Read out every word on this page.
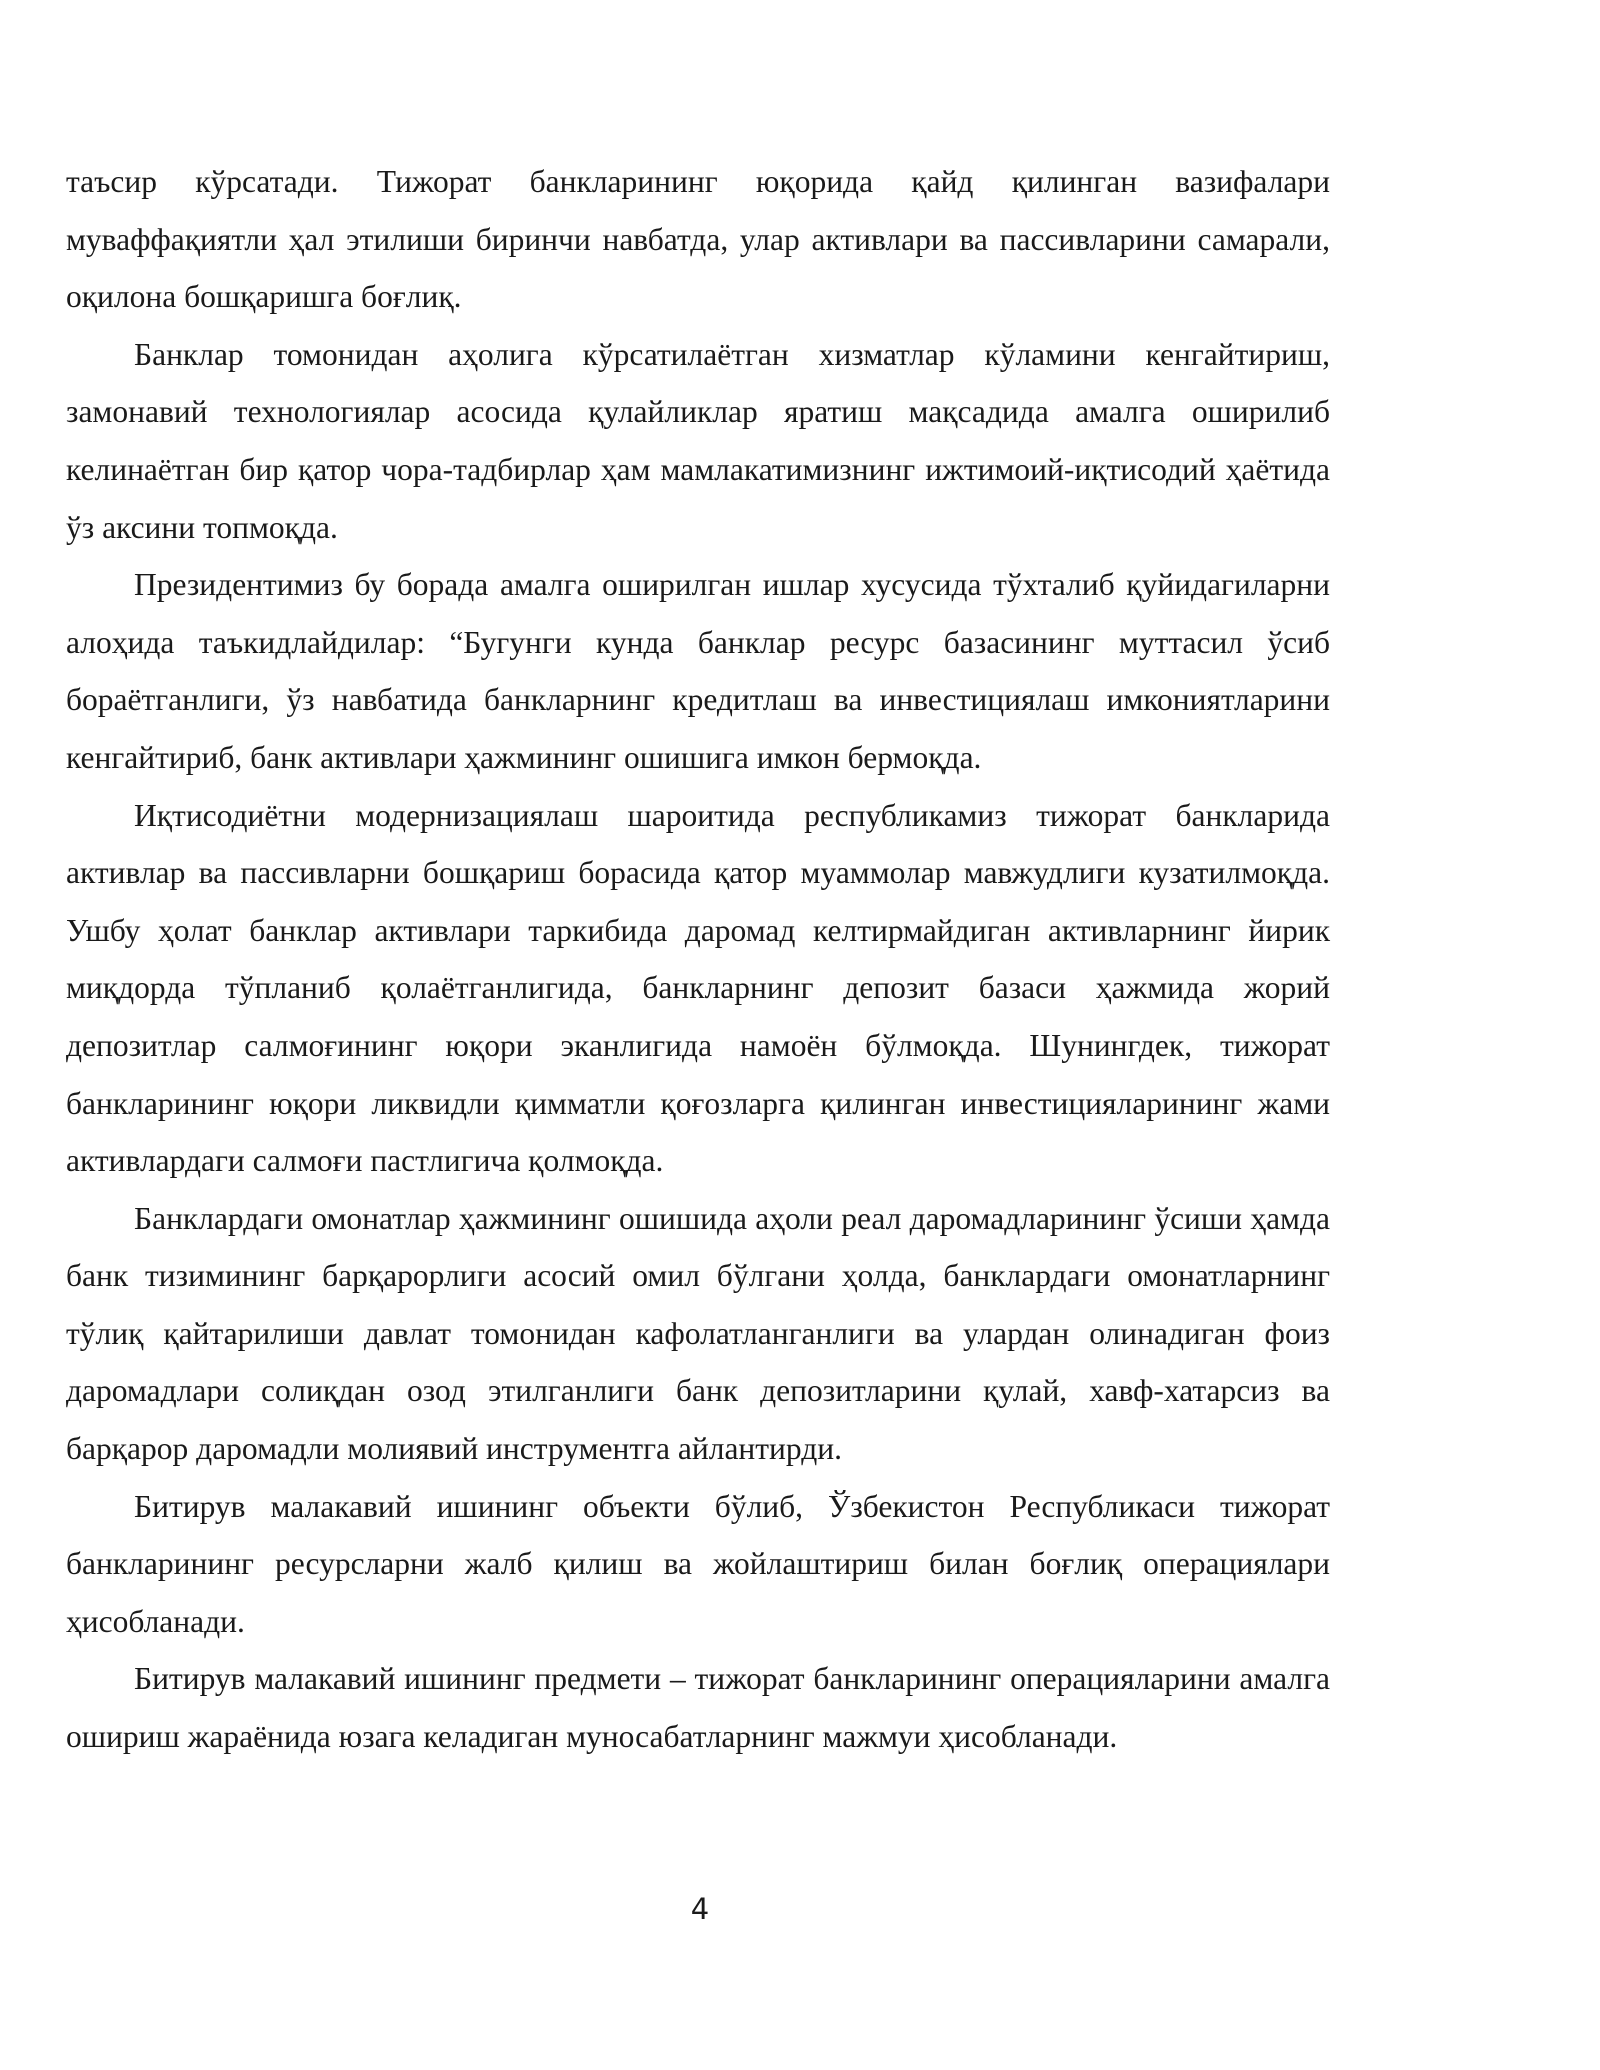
таъсир кўрсатади. Тижорат банкларининг юқорида қайд қилинган вазифалари муваффақиятли ҳал этилиши биринчи навбатда, улар активлари ва пассивларини самарали, оқилона бошқаришга боғлиқ.

Банклар томонидан аҳолига кўрсатилаётган хизматлар кўламини кенгайтириш, замонавий технологиялар асосида қулайликлар яратиш мақсадида амалга оширилиб келинаётган бир қатор чора-тадбирлар ҳам мамлакатимизнинг ижтимоий-иқтисодий ҳаётида ўз аксини топмоқда.

Президентимиз бу борада амалга оширилган ишлар хусусида тўхталиб қуйидагиларни алоҳида таъкидлайдилар: “Бугунги кунда банклар ресурс базасининг муттасил ўсиб бораётганлиги, ўз навбатида банкларнинг кредитлаш ва инвестициялаш имкониятларини кенгайтириб, банк активлари ҳажмининг ошишига имкон бермоқда.

Иқтисодиётни модернизациялаш шароитида республикамиз тижорат банкларида активлар ва пассивларни бошқариш борасида қатор муаммолар мавжудлиги кузатилмоқда. Ушбу ҳолат банклар активлари таркибида даромад келтирмайдиган активларнинг йирик миқдорда тўпланиб қолаётганлигида, банкларнинг депозит базаси ҳажмида жорий депозитлар салмоғининг юқори эканлигида намоён бўлмоқда. Шунингдек, тижорат банкларининг юқори ликвидли қимматли қоғозларга қилинган инвестицияларининг жами активлардаги салмоғи пастлигича қолмоқда.

Банклардаги омонатлар ҳажмининг ошишида аҳоли реал даромадларининг ўсиши ҳамда банк тизимининг барқарорлиги асосий омил бўлгани ҳолда, банклардаги омонатларнинг тўлиқ қайтарилиши давлат томонидан кафолатланганлиги ва улардан олинадиган фоиз даромадлари солиқдан озод этилганлиги банк депозитларини қулай, хавф-хатарсиз ва барқарор даромадли молиявий инструментга айлантирди.

Битирув малакавий ишининг объекти бўлиб, Ўзбекистон Республикаси тижорат банкларининг ресурсларни жалб қилиш ва жойлаштириш билан боғлиқ операциялари ҳисобланади.

Битирув малакавий ишининг предмети – тижорат банкларининг операцияларини амалга ошириш жараёнида юзага келадиган муносабатларнинг мажмуи ҳисобланади.

4
